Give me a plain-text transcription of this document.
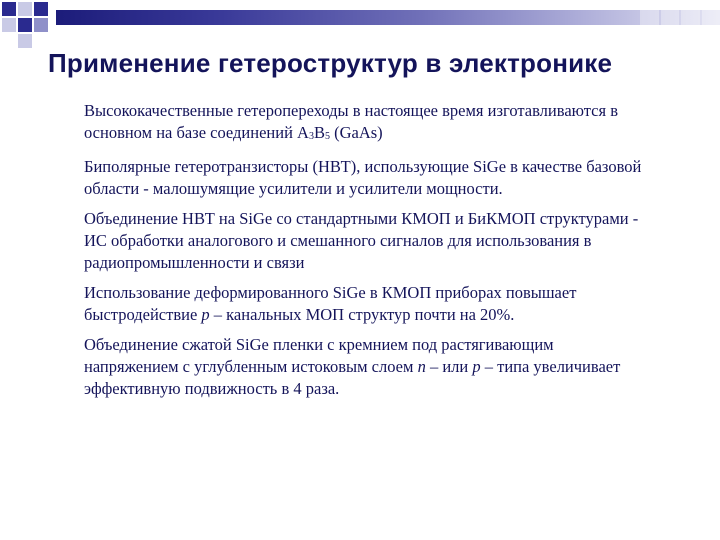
Применение гетероструктур в электронике

Высококачественные гетеропереходы в настоящее время изготавливаются в основном на базе соединений $А_3В_5$ (GaAs)

Биполярные гетеротранзисторы (НВТ), использующие SiGe в качестве базовой области - малошумящие усилители и усилители мощности.

Объединение НВТ на SiGe со стандартными КМОП и БиКМОП структурами - ИС обработки аналогового и смешанного сигналов для использования в радиопромышленности и связи

Использование деформированного SiGe в КМОП приборах повышает быстродействие р – канальных МОП структур почти на 20%.

Объединение сжатой SiGe пленки с кремнием под растягивающим напряжением с углубленным истоковым слоем n – или p – типа увеличивает эффективную подвижность в 4 раза.
